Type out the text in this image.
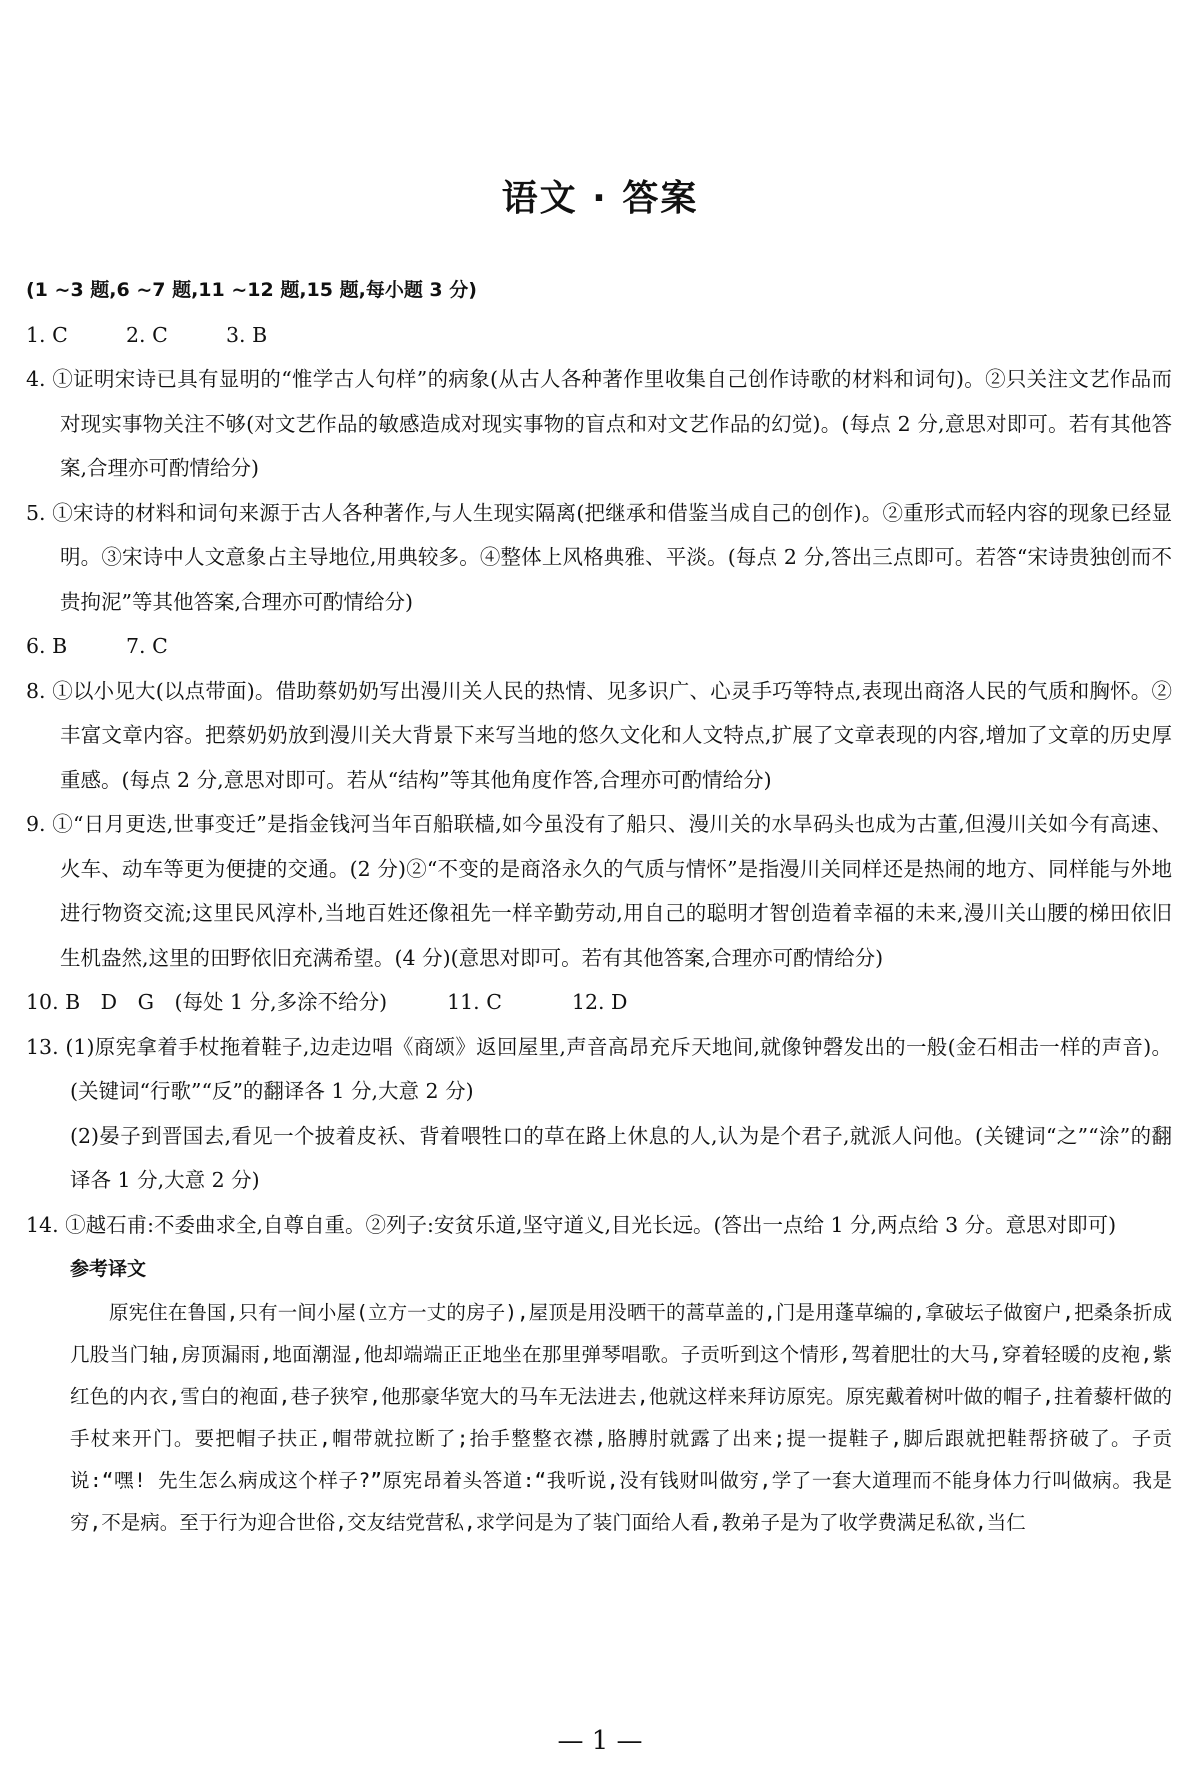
语文 · 答案
(1 ~3 题,6 ~7 题,11 ~12 题,15 题,每小题 3 分)
1. C	2. C	3. B
4. ①证明宋诗已具有显明的“惟学古人句样”的病象(从古人各种著作里收集自己创作诗歌的材料和词句)。②只关注文艺作品而对现实事物关注不够(对文艺作品的敏感造成对现实事物的盲点和对文艺作品的幻觉)。(每点 2 分,意思对即可。若有其他答案,合理亦可酌情给分)
5. ①宋诗的材料和词句来源于古人各种著作,与人生现实隔离(把继承和借鉴当成自己的创作)。②重形式而轻内容的现象已经显明。③宋诗中人文意象占主导地位,用典较多。④整体上风格典雅、平淡。(每点 2 分,答出三点即可。若答“宋诗贵独创而不贵拘泥”等其他答案,合理亦可酌情给分)
6. B	7. C
8. ①以小见大(以点带面)。借助蔡奶奶写出漫川关人民的热情、见多识广、心灵手巧等特点,表现出商洛人民的气质和胸怀。②丰富文章内容。把蔡奶奶放到漫川关大背景下来写当地的悠久文化和人文特点,扩展了文章表现的内容,增加了文章的历史厚重感。(每点 2 分,意思对即可。若从“结构”等其他角度作答,合理亦可酌情给分)
9. ①“日月更迭,世事变迁”是指金钱河当年百船联樯,如今虽没有了船只、漫川关的水旱码头也成为古董,但漫川关如今有高速、火车、动车等更为便捷的交通。(2 分)②“不变的是商洛永久的气质与情怀”是指漫川关同样还是热闹的地方、同样能与外地进行物资交流;这里民风淳朴,当地百姓还像祖先一样辛勤劳动,用自己的聪明才智创造着幸福的未来,漫川关山腰的梯田依旧生机盎然,这里的田野依旧充满希望。(4 分)(意思对即可。若有其他答案,合理亦可酌情给分)
10. B　D　G　(每处 1 分,多涂不给分)	11. C	12. D
13. (1)原宪拿着手杖拖着鞋子,边走边唱《商颂》返回屋里,声音高昂充斥天地间,就像钟磬发出的一般(金石相击一样的声音)。(关键词“行歌”“反”的翻译各 1 分,大意 2 分)
(2)晏子到晋国去,看见一个披着皮袄、背着喂牲口的草在路上休息的人,认为是个君子,就派人问他。(关键词“之”“涂”的翻译各 1 分,大意 2 分)
14. ①越石甫:不委曲求全,自尊自重。②列子:安贫乐道,坚守道义,目光长远。(答出一点给 1 分,两点给 3 分。意思对即可)
参考译文
原宪住在鲁国,只有一间小屋(立方一丈的房子),屋顶是用没晒干的蒿草盖的,门是用蓬草编的,拿破坛子做窗户,把桑条折成几股当门轴,房顶漏雨,地面潮湿,他却端端正正地坐在那里弹琴唱歌。子贡听到这个情形,驾着肥壮的大马,穿着轻暖的皮袍,紫红色的内衣,雪白的袍面,巷子狭窄,他那豪华宽大的马车无法进去,他就这样来拜访原宪。原宪戴着树叶做的帽子,拄着藜杆做的手杖来开门。要把帽子扶正,帽带就拉断了;抬手整整衣襟,胳膊肘就露了出来;提一提鞋子,脚后跟就把鞋帮挤破了。子贡说:“嘿! 先生怎么病成这个样子?”原宪昂着头答道:“我听说,没有钱财叫做穷,学了一套大道理而不能身体力行叫做病。我是穷,不是病。至于行为迎合世俗,交友结党营私,求学问是为了装门面给人看,教弟子是为了收学费满足私欲,当仁
— 1 —
